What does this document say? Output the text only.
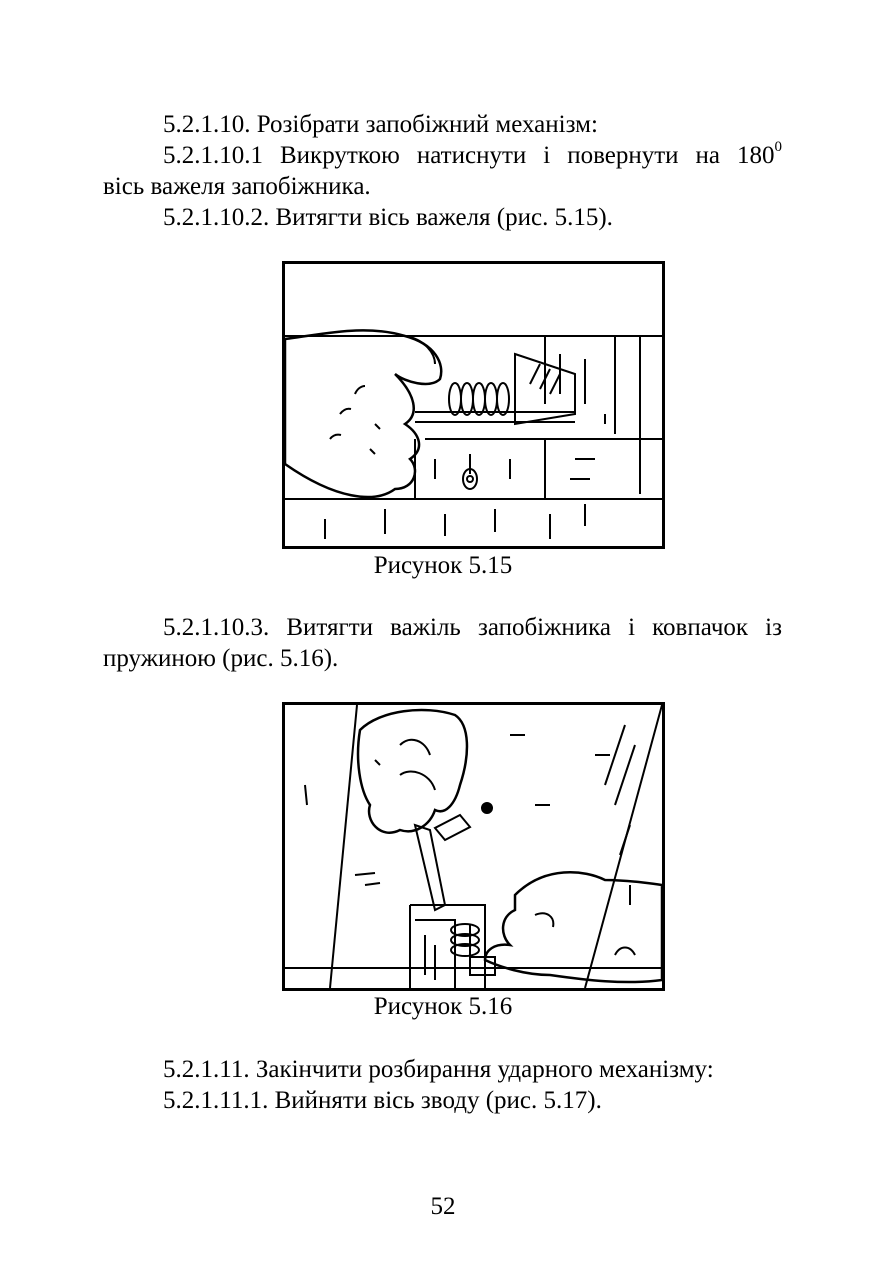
5.2.1.10. Розібрати запобіжний механізм:
5.2.1.10.1 Викруткою натиснути і повернути на $180^0$
вісь важеля запобіжника.
5.2.1.10.2. Витягти вісь важеля (рис. 5.15).
Рисунок 5.15
5.2.1.10.3. Витягти важіль запобіжника і ковпачок із
пружиною (рис. 5.16).
Рисунок 5.16
5.2.1.11. Закінчити розбирання ударного механізму:
5.2.1.11.1. Вийняти вісь зводу (рис. 5.17).
52
